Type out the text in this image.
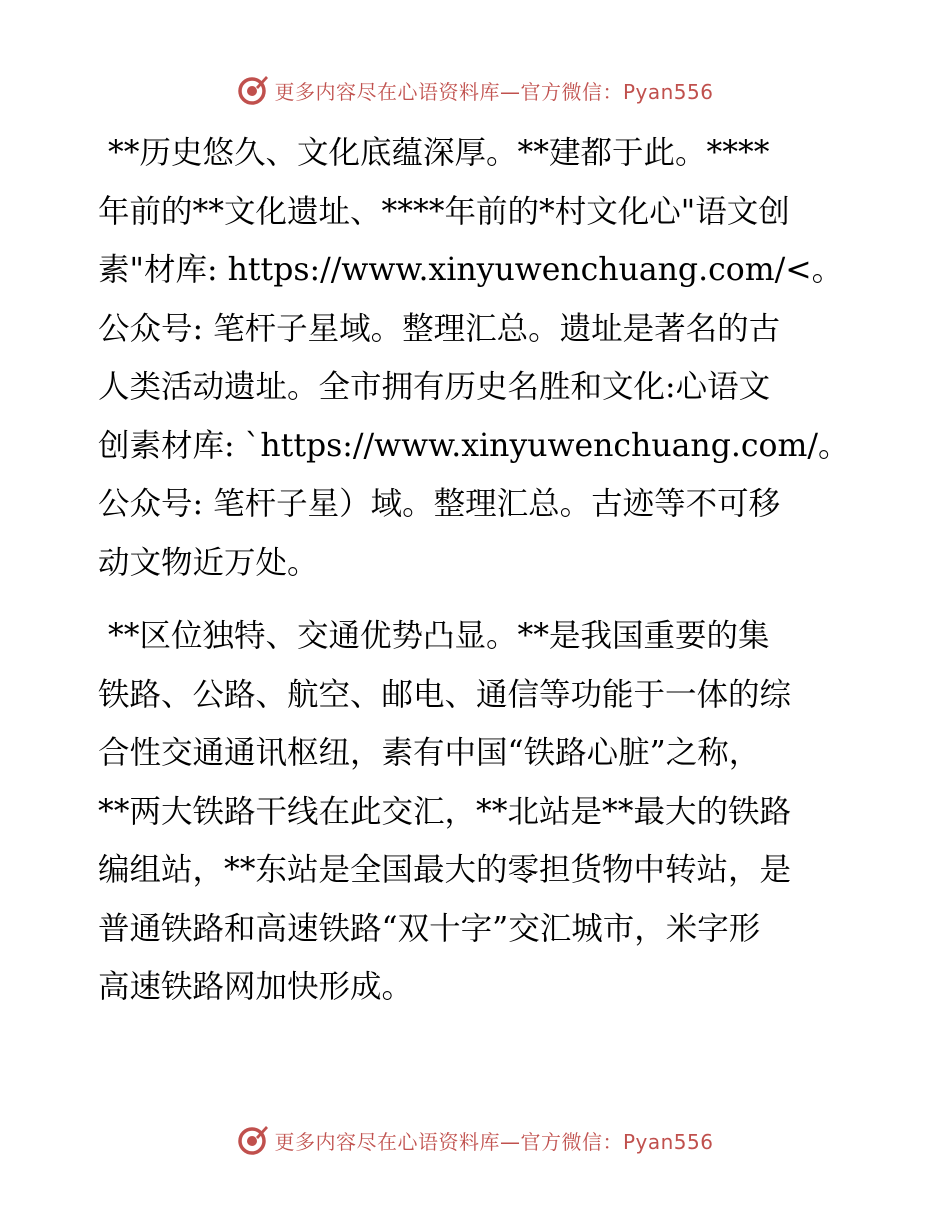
更多内容尽在心语资料库—官方微信：Pyan556

**历史悠久、文化底蕴深厚。**建都于此。****
年前的**文化遗址、****年前的*村文化心"语文创
素"材库: https://www.xinyuwenchuang.com/<。
公众号: 笔杆子星域。整理汇总。遗址是著名的古
人类活动遗址。全市拥有历史名胜和文化:心语文
创素材库: `https://www.xinyuwenchuang.com/。
公众号: 笔杆子星）域。整理汇总。古迹等不可移
动文物近万处。

**区位独特、交通优势凸显。**是我国重要的集
铁路、公路、航空、邮电、通信等功能于一体的综
合性交通通讯枢纽，素有中国“铁路心脏”之称，
**两大铁路干线在此交汇，**北站是**最大的铁路
编组站，**东站是全国最大的零担货物中转站，是
普通铁路和高速铁路“双十字”交汇城市，米字形
高速铁路网加快形成。

更多内容尽在心语资料库—官方微信：Pyan556
